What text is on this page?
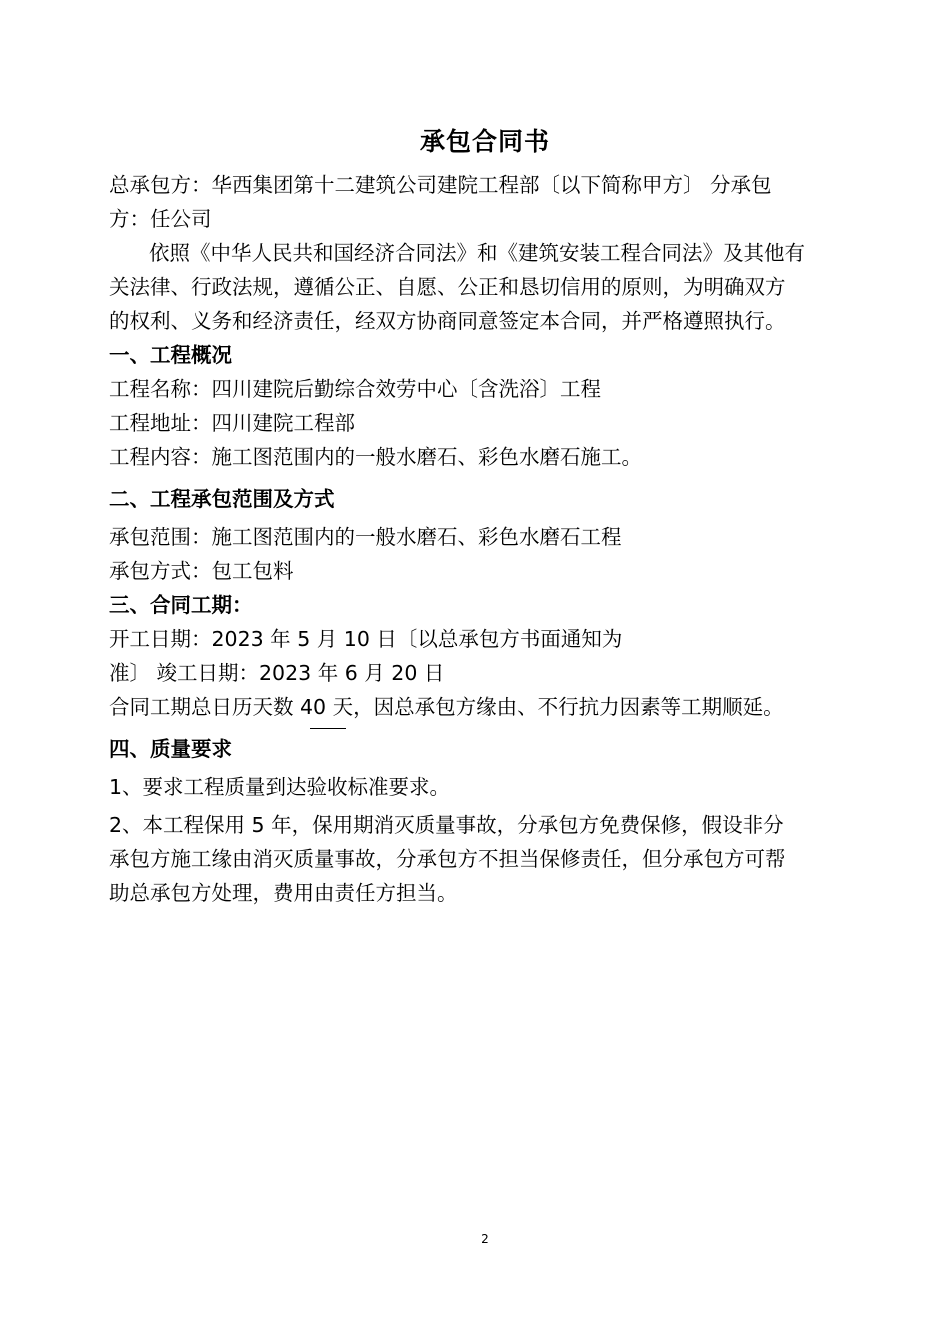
承包合同书
总承包方：华西集团第十二建筑公司建院工程部〔以下简称甲方〕 分承包
方：任公司
依照《中华人民共和国经济合同法》和《建筑安装工程合同法》及其他有
关法律、行政法规，遵循公正、自愿、公正和恳切信用的原则，为明确双方
的权利、义务和经济责任，经双方协商同意签定本合同，并严格遵照执行。
一、工程概况
工程名称：四川建院后勤综合效劳中心〔含洗浴〕工程
工程地址：四川建院工程部
工程内容：施工图范围内的一般水磨石、彩色水磨石施工。
二、工程承包范围及方式
承包范围：施工图范围内的一般水磨石、彩色水磨石工程
承包方式：包工包料
三、合同工期：
开工日期：2023 年 5 月 10 日〔以总承包方书面通知为
准〕 竣工日期：2023 年 6 月 20 日
合同工期总日历天数 40 天，因总承包方缘由、不行抗力因素等工期顺延。
四、质量要求
1、要求工程质量到达验收标准要求。
2、本工程保用 5 年，保用期消灭质量事故，分承包方免费保修，假设非分
承包方施工缘由消灭质量事故，分承包方不担当保修责任，但分承包方可帮
助总承包方处理，费用由责任方担当。
2
